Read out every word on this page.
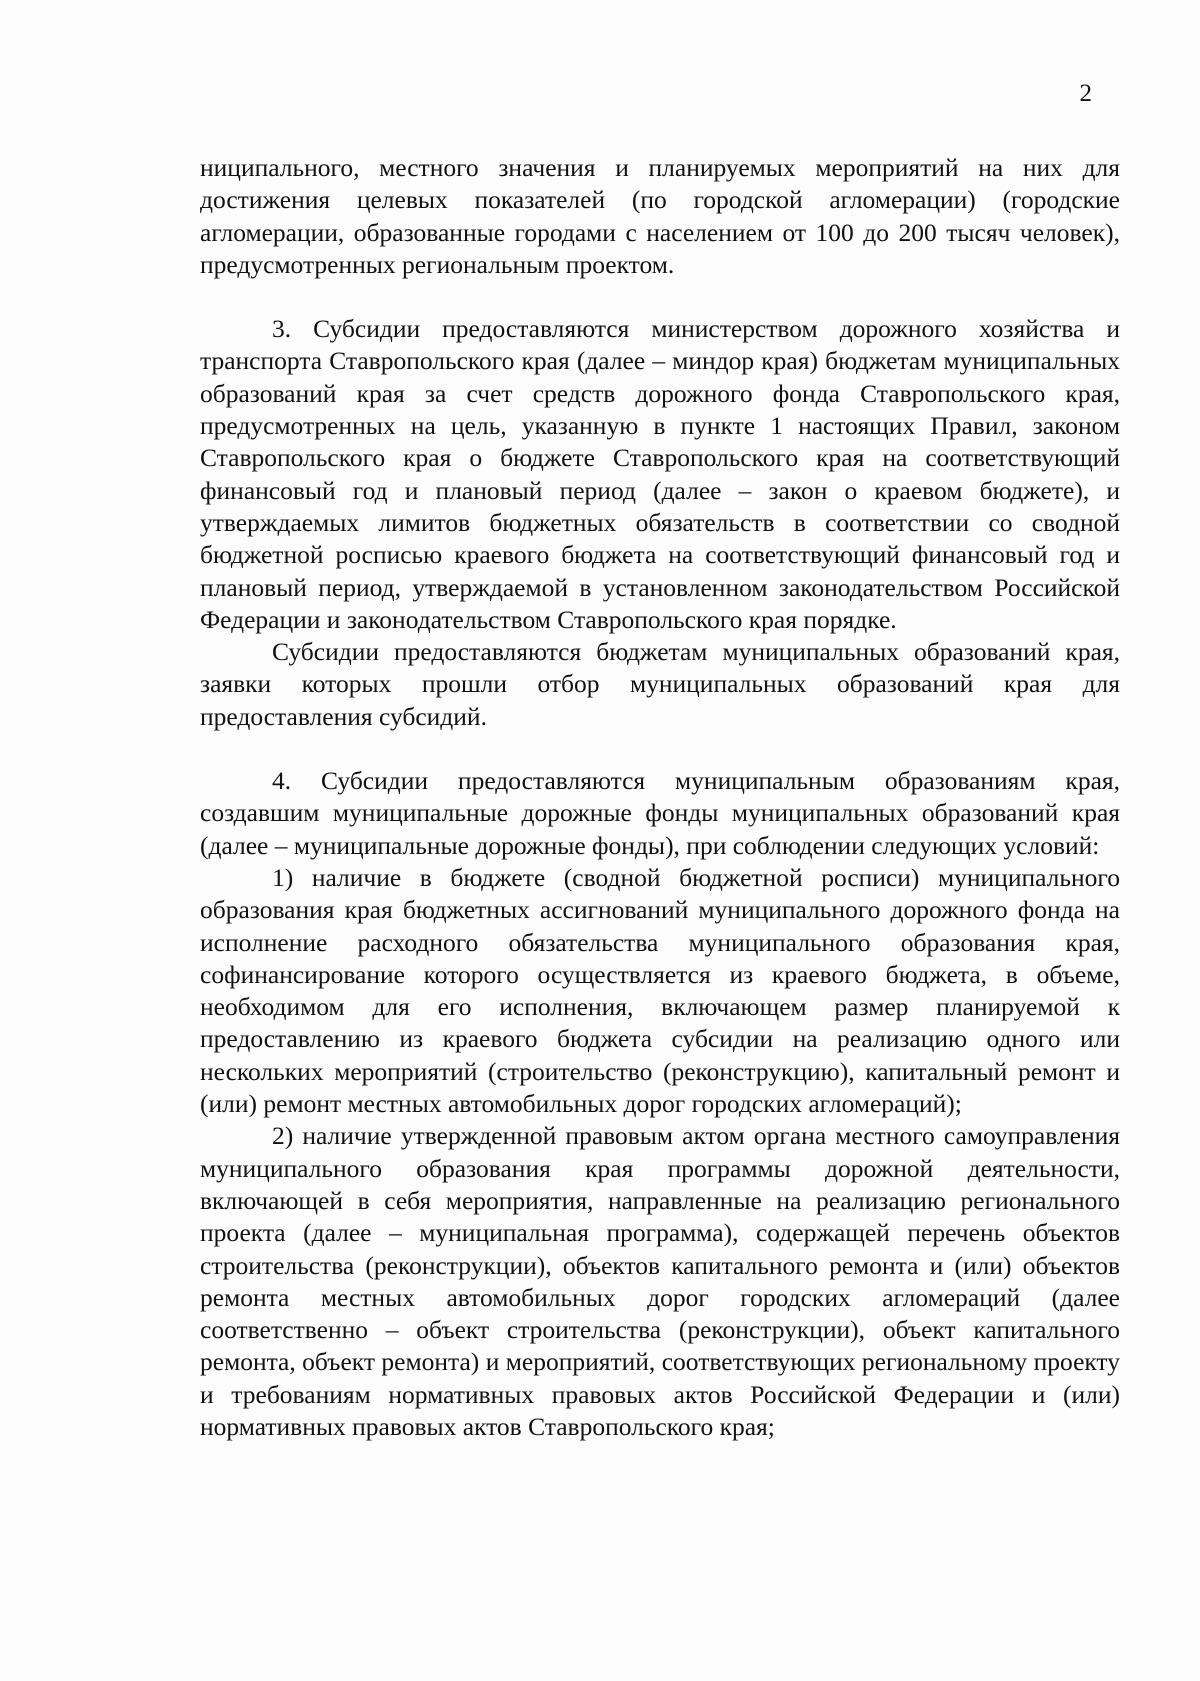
2

ниципального, местного значения и планируемых мероприятий на них для достижения целевых показателей (по городской агломерации) (городские агломерации, образованные городами с населением от 100 до 200 тысяч человек), предусмотренных региональным проектом.

3. Субсидии предоставляются министерством дорожного хозяйства и транспорта Ставропольского края (далее – миндор края) бюджетам муниципальных образований края за счет средств дорожного фонда Ставропольского края, предусмотренных на цель, указанную в пункте 1 настоящих Правил, законом Ставропольского края о бюджете Ставропольского края на соответствующий финансовый год и плановый период (далее – закон о краевом бюджете), и утверждаемых лимитов бюджетных обязательств в соответствии со сводной бюджетной росписью краевого бюджета на соответствующий финансовый год и плановый период, утверждаемой в установленном законодательством Российской Федерации и законодательством Ставропольского края порядке.

Субсидии предоставляются бюджетам муниципальных образований края, заявки которых прошли отбор муниципальных образований края для предоставления субсидий.

4. Субсидии предоставляются муниципальным образованиям края, создавшим муниципальные дорожные фонды муниципальных образований края (далее – муниципальные дорожные фонды), при соблюдении следующих условий:

1) наличие в бюджете (сводной бюджетной росписи) муниципального образования края бюджетных ассигнований муниципального дорожного фонда на исполнение расходного обязательства муниципального образования края, софинансирование которого осуществляется из краевого бюджета, в объеме, необходимом для его исполнения, включающем размер планируемой к предоставлению из краевого бюджета субсидии на реализацию одного или нескольких мероприятий (строительство (реконструкцию), капитальный ремонт и (или) ремонт местных автомобильных дорог городских агломераций);

2) наличие утвержденной правовым актом органа местного самоуправления муниципального образования края программы дорожной деятельности, включающей в себя мероприятия, направленные на реализацию регионального проекта (далее – муниципальная программа), содержащей перечень объектов строительства (реконструкции), объектов капитального ремонта и (или) объектов ремонта местных автомобильных дорог городских агломераций (далее соответственно – объект строительства (реконструкции), объект капитального ремонта, объект ремонта) и мероприятий, соответствующих региональному проекту и требованиям нормативных правовых актов Российской Федерации и (или) нормативных правовых актов Ставропольского края;
